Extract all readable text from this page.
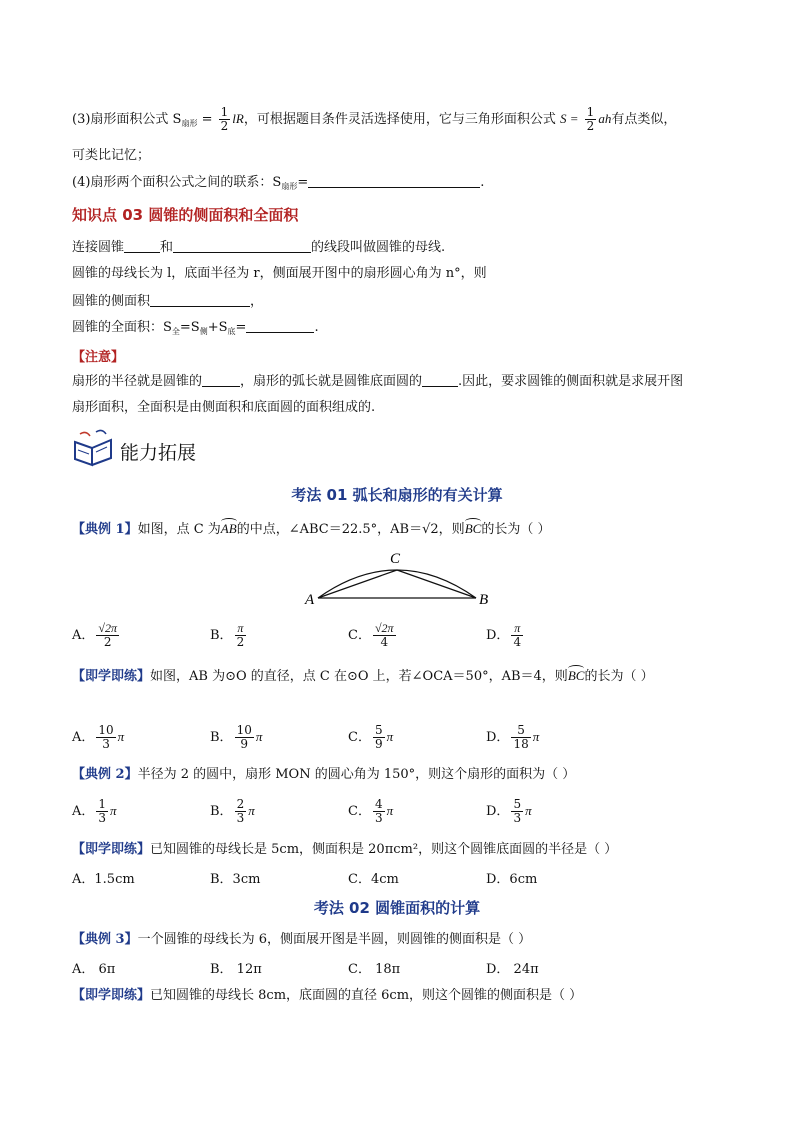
(3)扇形面积公式 $S_{扇形} = \frac{1}{2}$ lR，可根据题目条件灵活选择使用，它与三角形面积公式 $S = \frac{1}{2}$ ah有点类似，
可类比记忆；
(4)扇形两个面积公式之间的联系：$S_{扇形}=$	.
知识点 03 圆锥的侧面积和全面积
连接圆锥	和	的线段叫做圆锥的母线.
圆锥的母线长为 l，底面半径为 r，侧面展开图中的扇形圆心角为 n°，则
圆锥的侧面积	，
圆锥的全面积：$S_全=S_侧+S_底=$	.
【注意】
扇形的半径就是圆锥的	，扇形的弧长就是圆锥底面圆的	.因此，要求圆锥的侧面积就是求展开图
扇形面积，全面积是由侧面积和底面圆的面积组成的.
能力拓展
考法 01 弧长和扇形的有关计算
【典例 1】如图，点 C 为AB
的中点，∠ABC＝22.5°，AB＝√2，则BC
的长为（ ）
A
C
B
A． $\frac{√2\pi}{2}$	B． $\frac{\pi}{2}$	C． $\frac{√2\pi}{4}$	D． $\frac{\pi}{4}$
【即学即练】如图，AB 为⊙O 的直径，点 C 在⊙O 上，若∠OCA＝50°，AB＝4，则BC
的长为（ ）
A． $\frac{10}{3}$ π	B． $\frac{10}{9}$ π	C． $\frac{5}{9}$ π	D． $\frac{5}{18}$ π
【典例 2】半径为 2 的圆中，扇形 MON 的圆心角为 150°，则这个扇形的面积为（ ）
A． $\frac{1}{3}$ π	B． $\frac{2}{3}$ π	C． $\frac{4}{3}$ π	D． $\frac{5}{3}$ π
【即学即练】已知圆锥的母线长是 5cm，侧面积是 20πcm²，则这个圆锥底面圆的半径是（ ）
A．1.5cm	B．3cm	C．4cm	D．6cm
考法 02 圆锥面积的计算
【典例 3】一个圆锥的母线长为 6，侧面展开图是半圆，则圆锥的侧面积是（ ）
A． 6π	B． 12π	C． 18π	D． 24π
【即学即练】已知圆锥的母线长 8cm，底面圆的直径 6cm，则这个圆锥的侧面积是（ ）
